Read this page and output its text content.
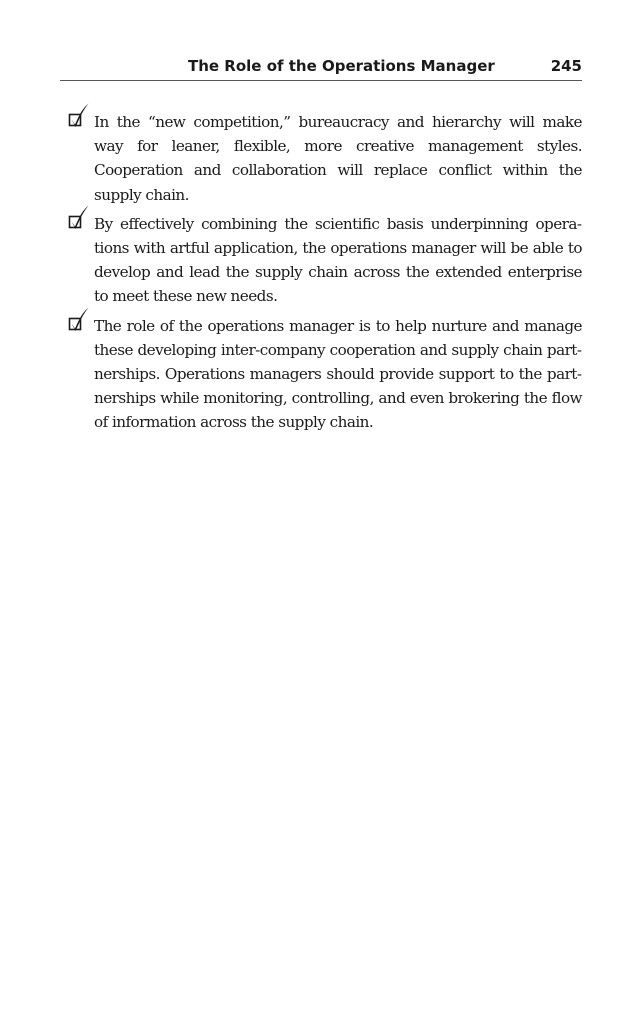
The Role of the Operations Manager	245
In the “new competition,” bureaucracy and hierarchy will make way for leaner, flexible, more creative management styles. Cooperation and collaboration will replace conflict within the supply chain.
By effectively combining the scientific basis underpinning operations with artful application, the operations manager will be able to develop and lead the supply chain across the extended enterprise to meet these new needs.
The role of the operations manager is to help nurture and manage these developing inter-company cooperation and supply chain partnerships. Operations managers should provide support to the partnerships while monitoring, controlling, and even brokering the flow of information across the supply chain.
